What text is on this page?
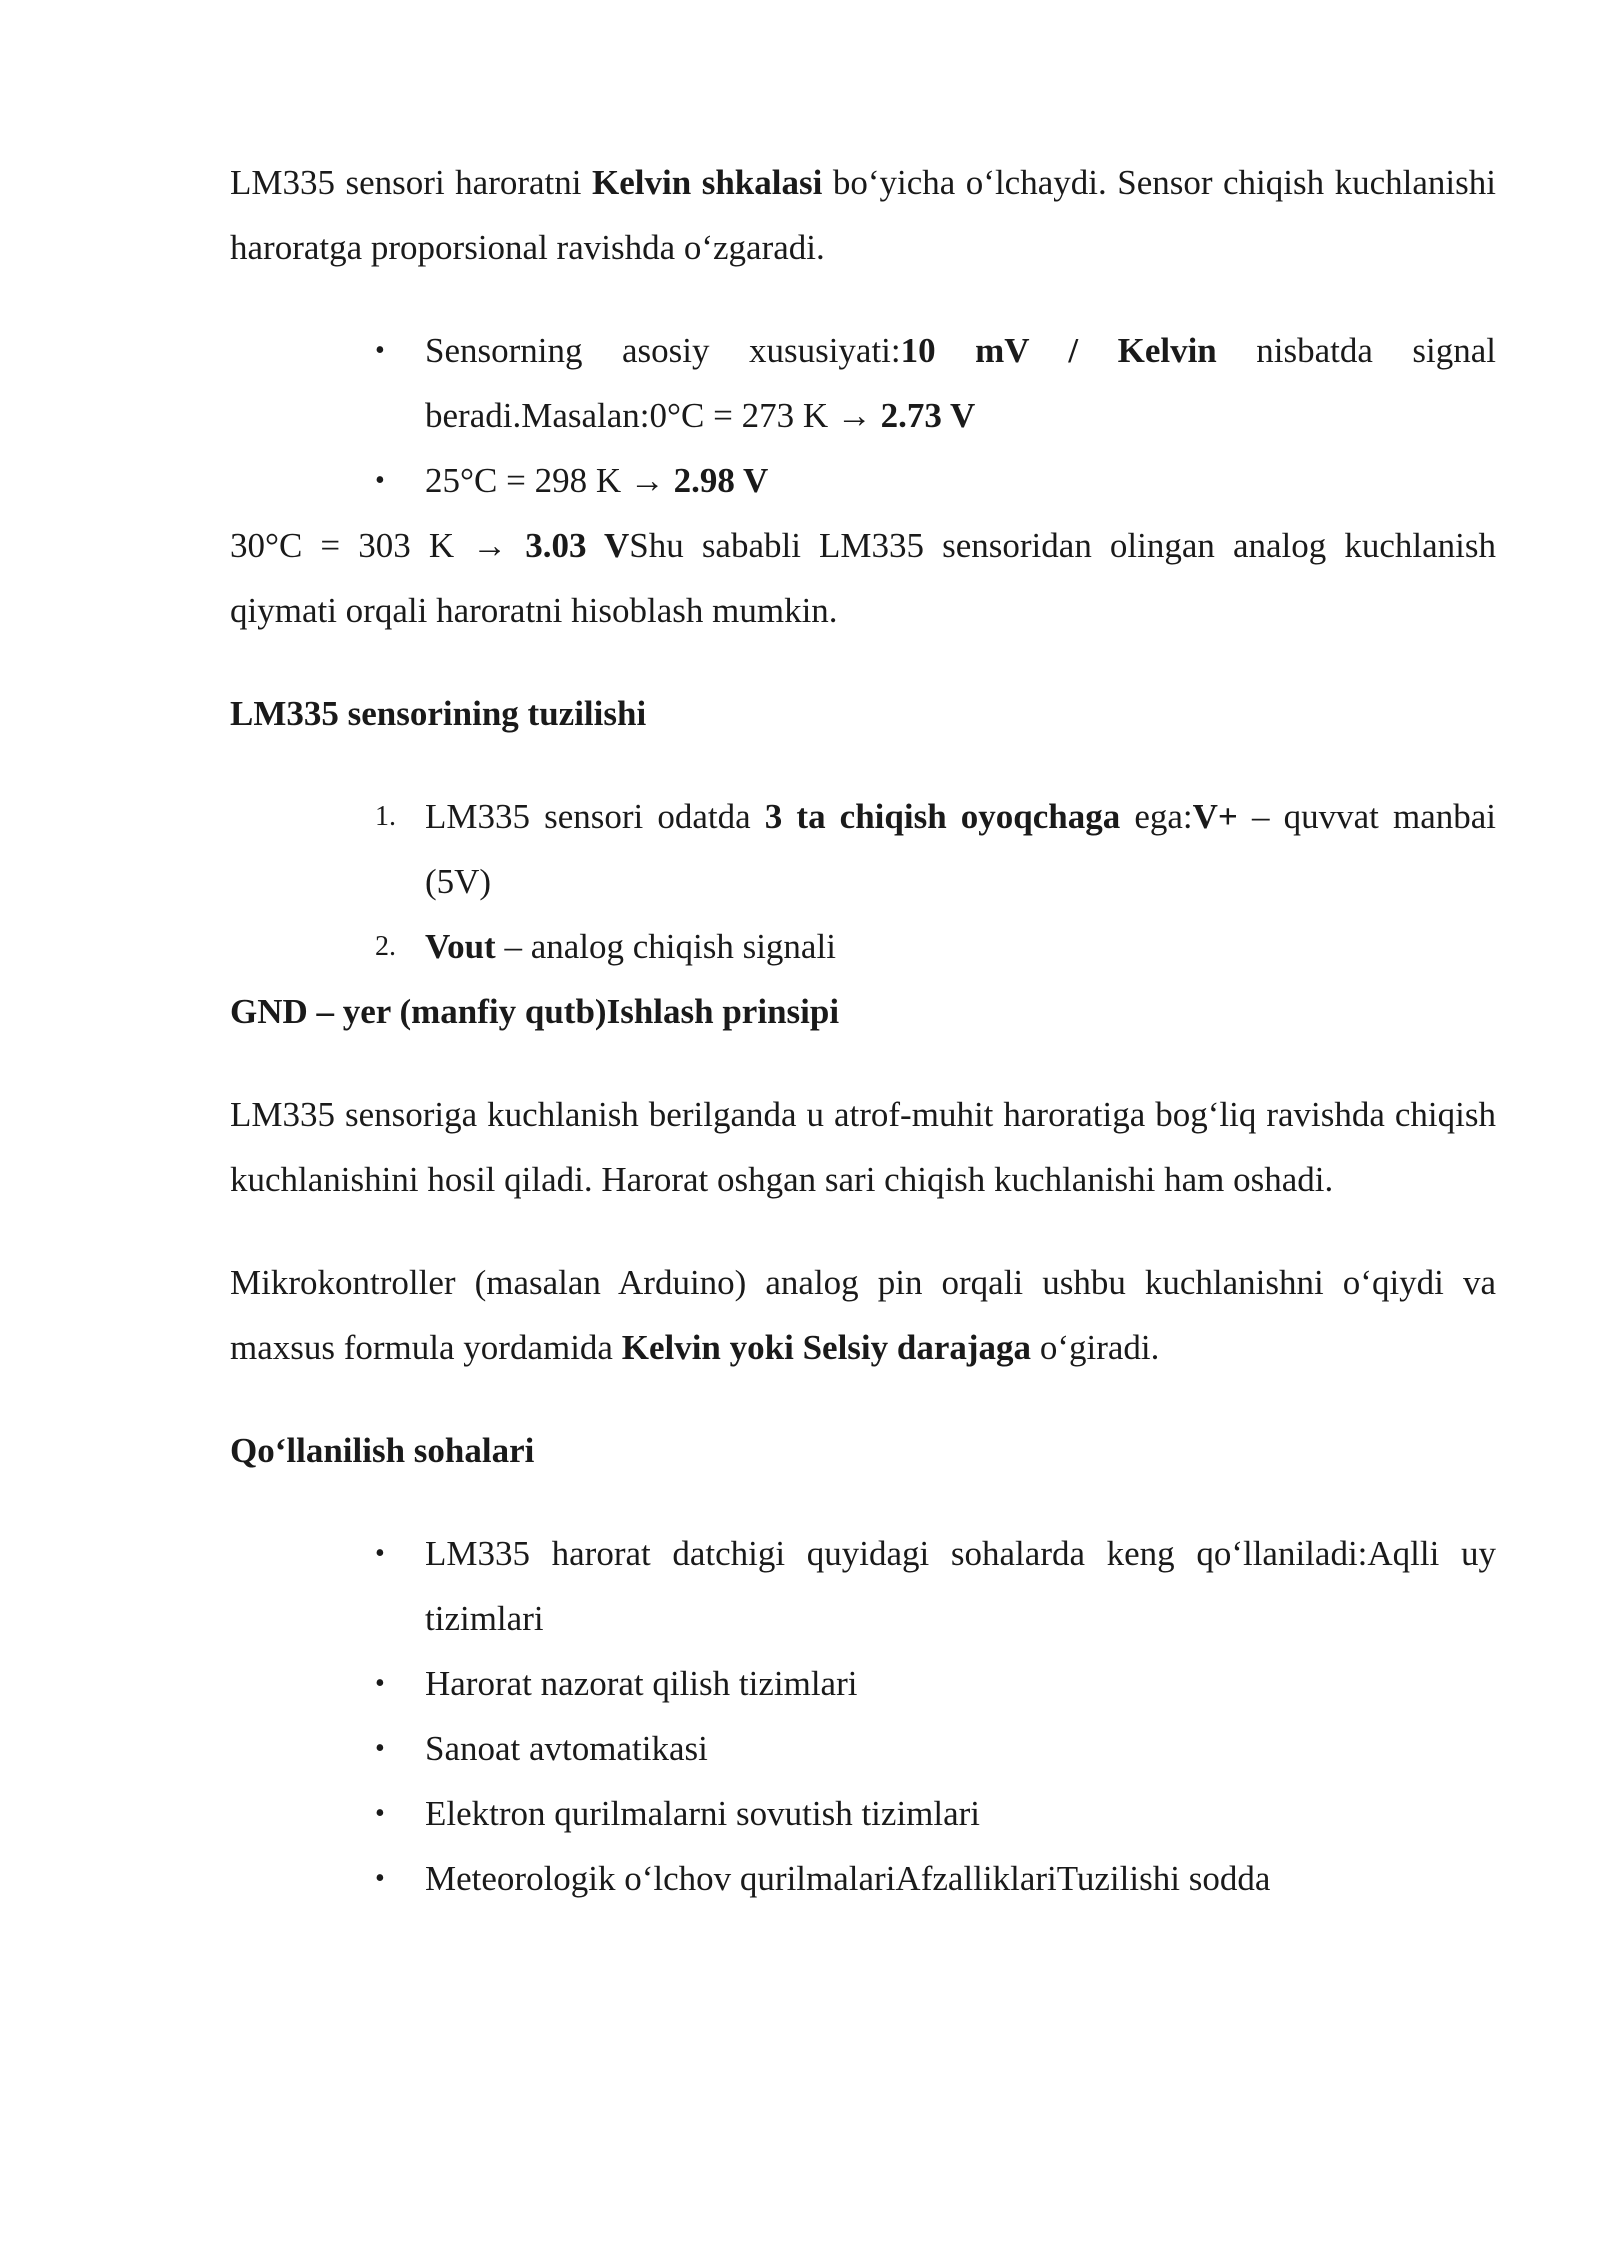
LM335 sensori haroratni Kelvin shkalasi bo‘yicha o‘lchaydi. Sensor chiqish kuchlanishi haroratga proporsional ravishda o‘zgaradi.

•	Sensorning asosiy xususiyati:10 mV / Kelvin nisbatda signal beradi.Masalan:0°C = 273 K → 2.73 V
•	25°C = 298 K → 2.98 V

30°C = 303 K → 3.03 VShu sababli LM335 sensoridan olingan analog kuchlanish qiymati orqali haroratni hisoblash mumkin.

LM335 sensorining tuzilishi

1. LM335 sensori odatda 3 ta chiqish oyoqchaga ega:V+ – quvvat manbai (5V)
2. Vout – analog chiqish signali

GND – yer (manfiy qutb)Ishlash prinsipi

LM335 sensoriga kuchlanish berilganda u atrof-muhit haroratiga bog‘liq ravishda chiqish kuchlanishini hosil qiladi. Harorat oshgan sari chiqish kuchlanishi ham oshadi.

Mikrokontroller (masalan Arduino) analog pin orqali ushbu kuchlanishni o‘qiydi va maxsus formula yordamida Kelvin yoki Selsiy darajaga o‘giradi.

Qo‘llanilish sohalari

•	LM335 harorat datchigi quyidagi sohalarda keng qo‘llaniladi:Aqlli uy tizimlari
•	Harorat nazorat qilish tizimlari
•	Sanoat avtomatikasi
•	Elektron qurilmalarni sovutish tizimlari
•	Meteorologik o‘lchov qurilmalariAfzalliklariTuzilishi sodda
